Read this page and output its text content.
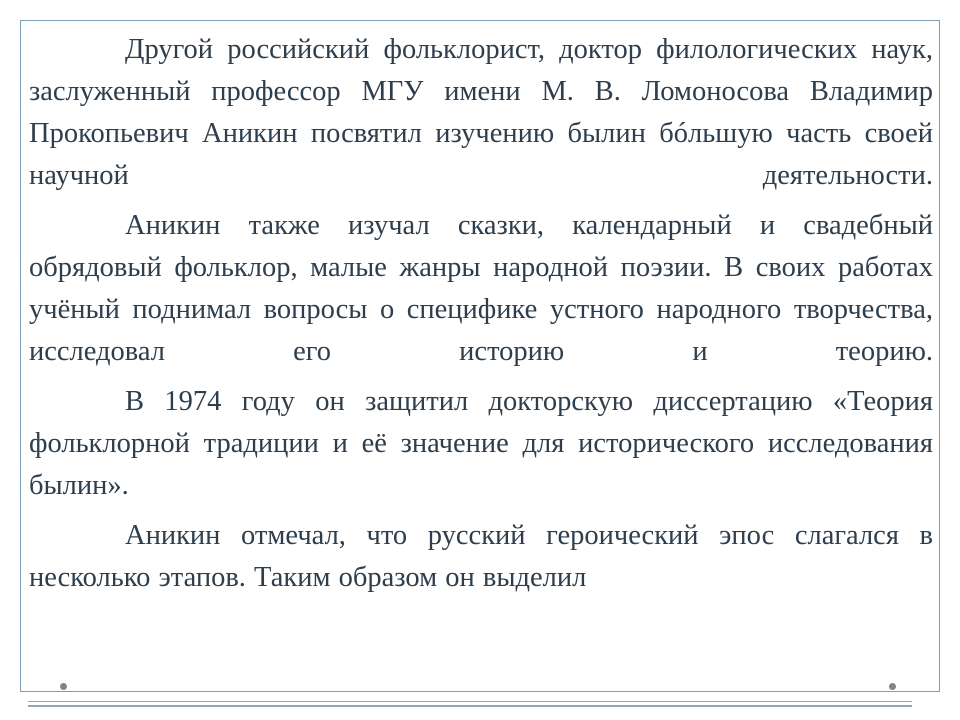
Другой российский фольклорист, доктор филологических наук, заслуженный профессор МГУ имени М. В. Ломоносова Владимир Прокопьевич Аникин посвятил изучению былин бóльшую часть своей научной деятельности.

Аникин также изучал сказки, календарный и свадебный обрядовый фольклор, малые жанры народной поэзии. В своих работах учёный поднимал вопросы о специфике устного народного творчества, исследовал его историю и теорию.

В 1974 году он защитил докторскую диссертацию «Теория фольклорной традиции и её значение для исторического исследования былин».

Аникин отмечал, что русский героический эпос слагался в несколько этапов. Таким образом он выделил
